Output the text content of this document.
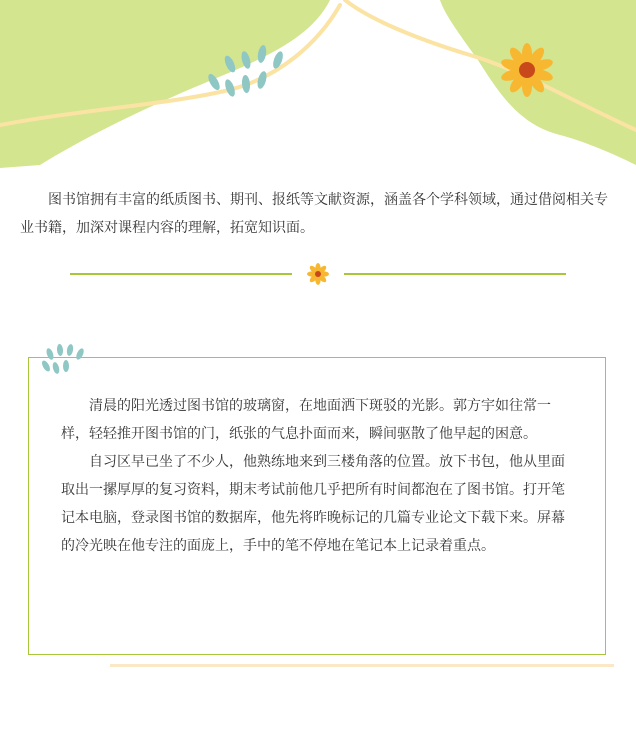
图书馆拥有丰富的纸质图书、期刊、报纸等文献资源，涵盖各个学科领域，通过借阅相关专业书籍，加深对课程内容的理解，拓宽知识面。

清晨的阳光透过图书馆的玻璃窗，在地面洒下斑驳的光影。郭方宇如往常一样，轻轻推开图书馆的门，纸张的气息扑面而来，瞬间驱散了他早起的困意。

自习区早已坐了不少人，他熟练地来到三楼角落的位置。放下书包，他从里面取出一摞厚厚的复习资料，期末考试前他几乎把所有时间都泡在了图书馆。打开笔记本电脑，登录图书馆的数据库，他先将昨晚标记的几篇专业论文下载下来。屏幕的冷光映在他专注的面庞上，手中的笔不停地在笔记本上记录着重点。
